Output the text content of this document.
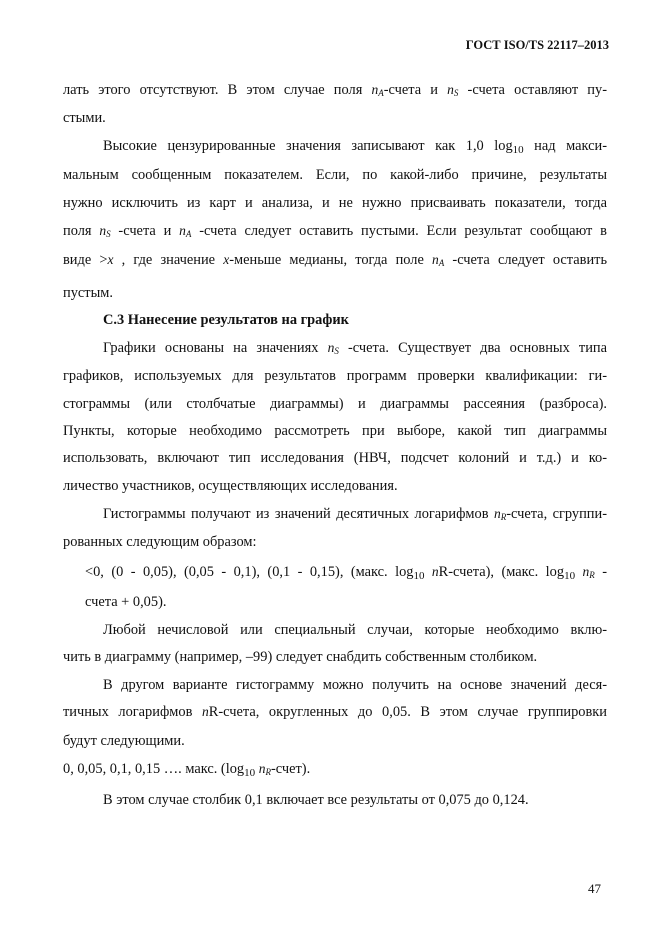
ГОСТ ISO/TS 22117–2013
лать этого отсутствуют. В этом случае поля $n_A$-счета и $n_S$ -счета оставляют пу-
стыми.
Высокие цензурированные значения записывают как 1,0 $\log_{10}$ над макси-
мальным сообщенным показателем. Если, по какой-либо причине, результаты
нужно исключить из карт и анализа, и не нужно присваивать показатели, тогда
поля $n_S$ -счета и $n_A$ -счета следует оставить пустыми. Если результат сообщают в
виде >x , где значение x-меньше медианы, тогда поле $n_A$ -счета следует оставить
пустым.
С.3 Нанесение результатов на график
Графики основаны на значениях $n_S$ -счета. Существует два основных типа
графиков, используемых для результатов программ проверки квалификации: ги-
стограммы (или столбчатые диаграммы) и диаграммы рассеяния (разброса).
Пункты, которые необходимо рассмотреть при выборе, какой тип диаграммы
использовать, включают тип исследования (НВЧ, подсчет колоний и т.д.) и ко-
личество участников, осуществляющих исследования.
Гистограммы получают из значений десятичных логарифмов $n_R$-счета, сгруппи-
рованных следующим образом:
<0, (0 - 0,05), (0,05 - 0,1), (0,1 - 0,15), (макс. $\log_{10}$ nR-счета), (макс. $\log_{10} n_R$ -
счета + 0,05).
Любой нечисловой или специальный случаи, которые необходимо вклю-
чить в диаграмму (например, –99) следует снабдить собственным столбиком.
В другом варианте гистограмму можно получить на основе значений деся-
тичных логарифмов nR-счета, округленных до 0,05. В этом случае группировки
будут следующими.
0, 0,05, 0,1, 0,15 …. макс. ($\log_{10}$ $n_R-счет$).
В этом случае столбик 0,1 включает все результаты от 0,075 до 0,124.
47
